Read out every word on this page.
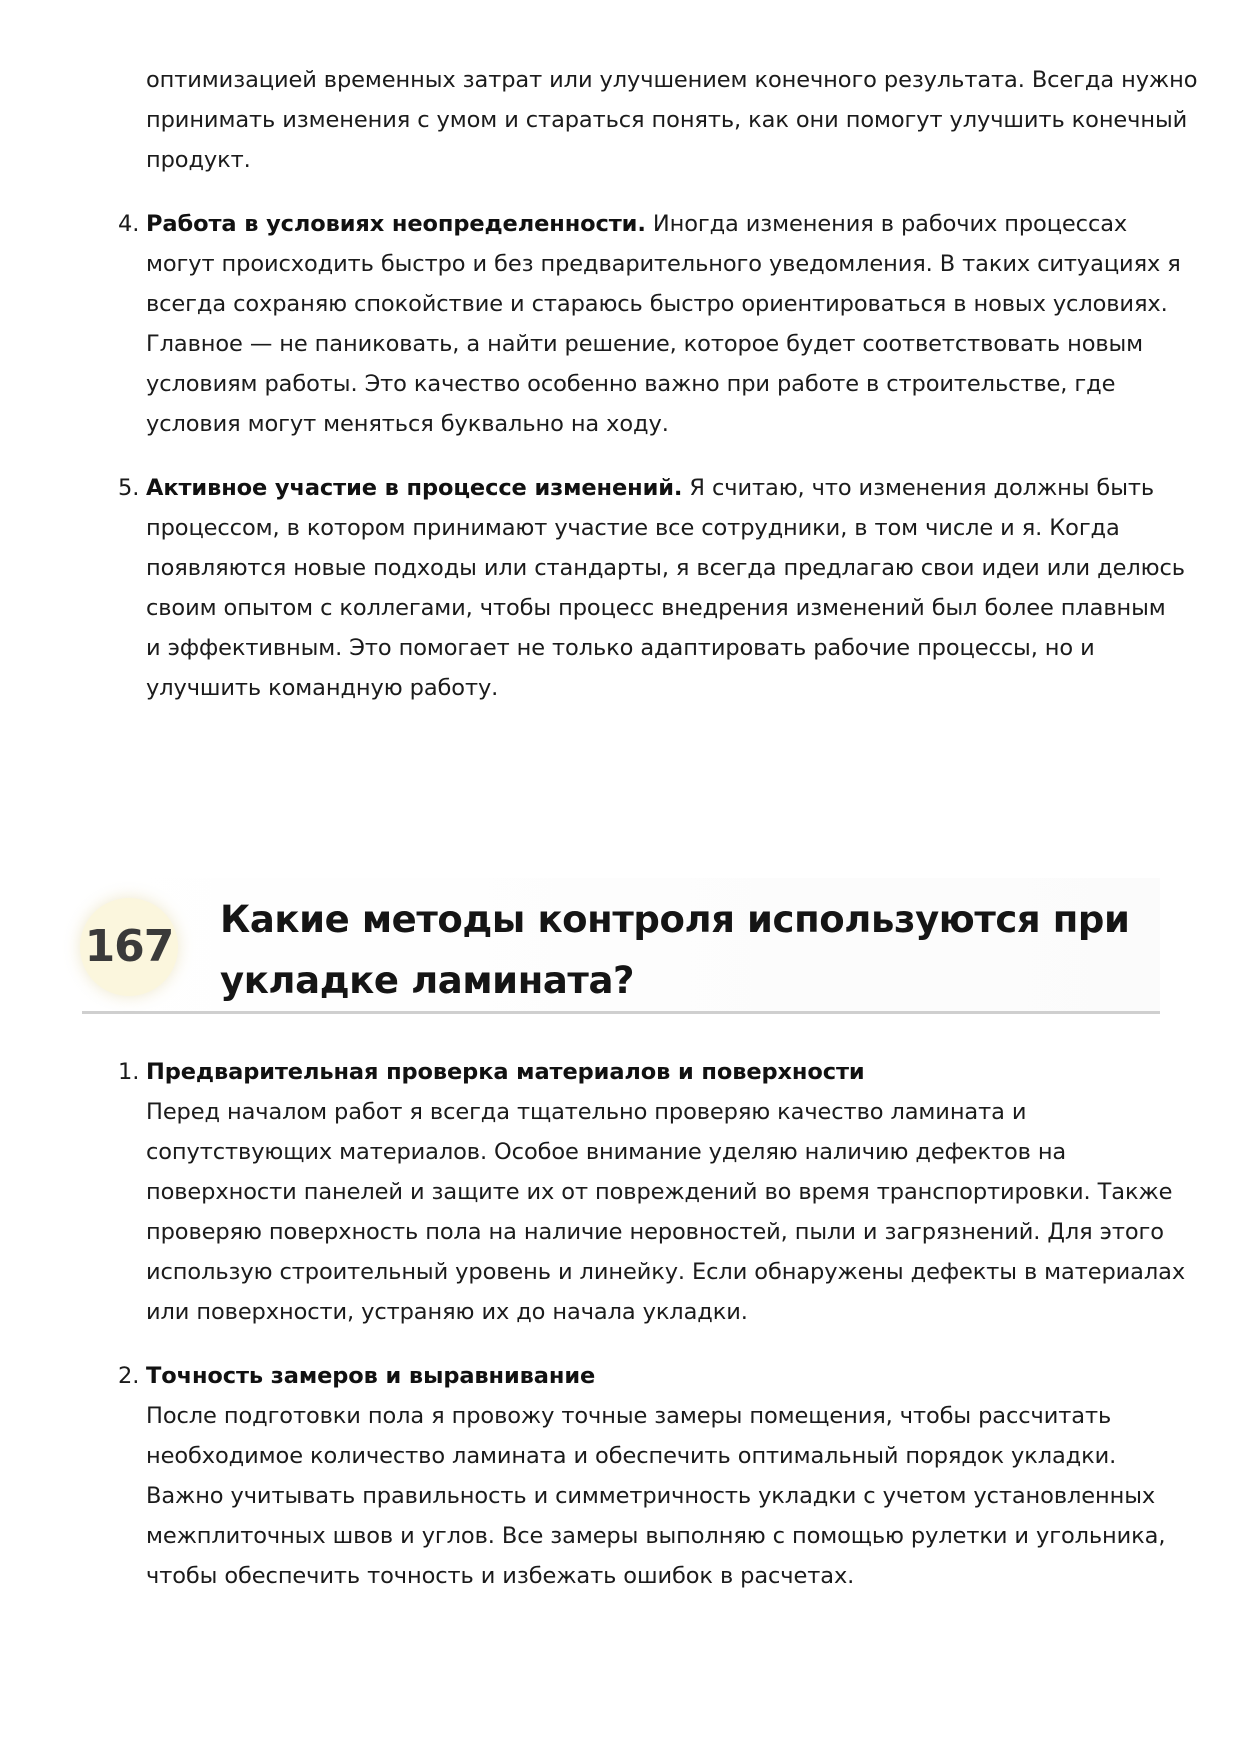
оптимизацией временных затрат или улучшением конечного результата. Всегда нужно
принимать изменения с умом и стараться понять, как они помогут улучшить конечный
продукт.
4. Работа в условиях неопределенности. Иногда изменения в рабочих процессах
могут происходить быстро и без предварительного уведомления. В таких ситуациях я
всегда сохраняю спокойствие и стараюсь быстро ориентироваться в новых условиях.
Главное — не паниковать, а найти решение, которое будет соответствовать новым
условиям работы. Это качество особенно важно при работе в строительстве, где
условия могут меняться буквально на ходу.
5. Активное участие в процессе изменений. Я считаю, что изменения должны быть
процессом, в котором принимают участие все сотрудники, в том числе и я. Когда
появляются новые подходы или стандарты, я всегда предлагаю свои идеи или делюсь
своим опытом с коллегами, чтобы процесс внедрения изменений был более плавным
и эффективным. Это помогает не только адаптировать рабочие процессы, но и
улучшить командную работу.
167
Какие методы контроля используются при
укладке ламината?
1. Предварительная проверка материалов и поверхности
Перед началом работ я всегда тщательно проверяю качество ламината и
сопутствующих материалов. Особое внимание уделяю наличию дефектов на
поверхности панелей и защите их от повреждений во время транспортировки. Также
проверяю поверхность пола на наличие неровностей, пыли и загрязнений. Для этого
использую строительный уровень и линейку. Если обнаружены дефекты в материалах
или поверхности, устраняю их до начала укладки.
2. Точность замеров и выравнивание
После подготовки пола я провожу точные замеры помещения, чтобы рассчитать
необходимое количество ламината и обеспечить оптимальный порядок укладки.
Важно учитывать правильность и симметричность укладки с учетом установленных
межплиточных швов и углов. Все замеры выполняю с помощью рулетки и угольника,
чтобы обеспечить точность и избежать ошибок в расчетах.
